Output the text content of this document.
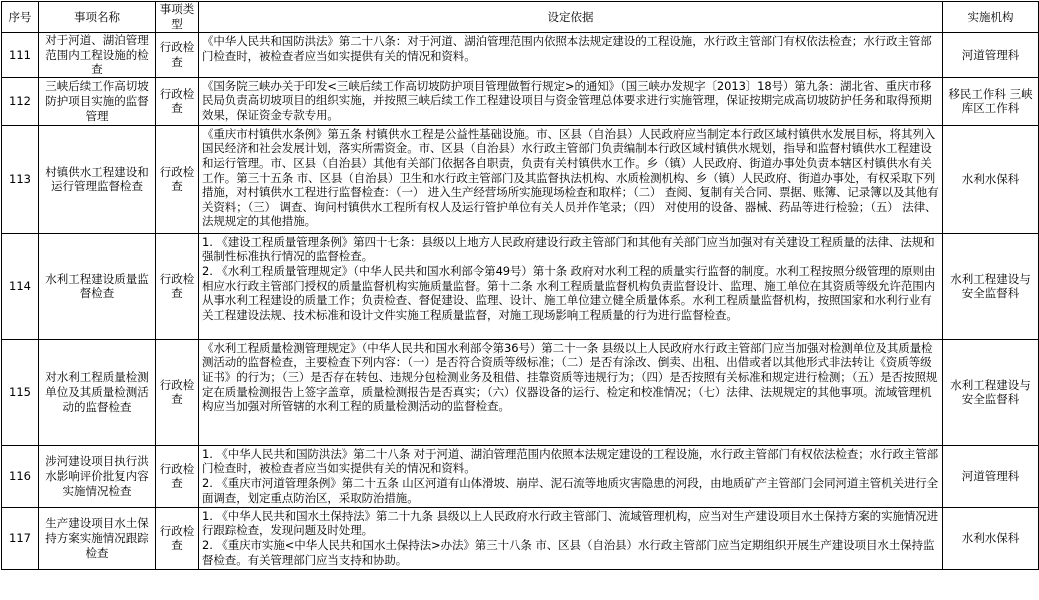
序号	事项名称	事项类型	设定依据	实施机构
111	对于河道、湖泊管理范围内工程设施的检查	行政检查	《中华人民共和国防洪法》第二十八条：对于河道、湖泊管理范围内依照本法规定建设的工程设施，水行政主管部门有权依法检查；水行政主管部门检查时，被检查者应当如实提供有关的情况和资料。	河道管理科
112	三峡后续工作高切坡防护项目实施的监督管理	行政检查	《国务院三峡办关于印发<三峡后续工作高切坡防护项目管理做暂行规定>的通知》（国三峡办发规字〔2013〕18号）第九条：湖北省、重庆市移民局负责高切坡项目的组织实施，并按照三峡后续工作工程建设项目与资金管理总体要求进行实施管理，保证按期完成高切坡防护任务和取得预期效果，保证资金专款专用。	移民工作科 三峡库区工作科
113	村镇供水工程建设和运行管理监督检查	行政检查	《重庆市村镇供水条例》第五条 村镇供水工程是公益性基础设施。市、区县（自治县）人民政府应当制定本行政区域村镇供水发展目标，将其列入国民经济和社会发展计划，落实所需资金。市、区县（自治县）水行政主管部门负责编制本行政区域村镇供水规划，指导和监督村镇供水工程建设和运行管理。市、区县（自治县）其他有关部门依据各自职责，负责有关村镇供水工作。乡（镇）人民政府、街道办事处负责本辖区村镇供水有关工作。第三十五条 市、区县（自治县）卫生和水行政主管部门及其监督执法机构、水质检测机构、乡（镇）人民政府、街道办事处，有权采取下列措施，对村镇供水工程进行监督检查：（一） 进入生产经营场所实施现场检查和取样；（二） 查阅、复制有关合同、票据、账簿、记录簿以及其他有关资料；（三） 调查、询问村镇供水工程所有权人及运行管护单位有关人员并作笔录；（四） 对使用的设备、器械、药品等进行检验；（五） 法律、法规规定的其他措施。	水利水保科
114	水利工程建设质量监督检查	行政检查	1. 《建设工程质量管理条例》第四十七条：县级以上地方人民政府建设行政主管部门和其他有关部门应当加强对有关建设工程质量的法律、法规和强制性标准执行情况的监督检查。
2. 《水利工程质量管理规定》（中华人民共和国水利部令第49号）第十条 政府对水利工程的质量实行监督的制度。水利工程按照分级管理的原则由相应水行政主管部门授权的质量监督机构实施质量监督。第十二条 水利工程质量监督机构负责监督设计、监理、施工单位在其资质等级允许范围内从事水利工程建设的质量工作；负责检查、督促建设、监理、设计、施工单位建立健全质量体系。水利工程质量监督机构，按照国家和水利行业有关工程建设法规、技术标准和设计文件实施工程质量监督，对施工现场影响工程质量的行为进行监督检查。	水利工程建设与安全监督科
115	对水利工程质量检测单位及其质量检测活动的监督检查	行政检查	《水利工程质量检测管理规定》（中华人民共和国水利部令第36号）第二十一条 县级以上人民政府水行政主管部门应当加强对检测单位及其质量检测活动的监督检查，主要检查下列内容：（一）是否符合资质等级标准；（二）是否有涂改、倒卖、出租、出借或者以其他形式非法转让《资质等级证书》的行为；（三）是否存在转包、违规分包检测业务及租借、挂靠资质等违规行为；（四）是否按照有关标准和规定进行检测；（五）是否按照规定在质量检测报告上签字盖章，质量检测报告是否真实；（六）仪器设备的运行、检定和校准情况；（七）法律、法规规定的其他事项。流域管理机构应当加强对所管辖的水利工程的质量检测活动的监督检查。	水利工程建设与安全监督科
116	涉河建设项目执行洪水影响评价批复内容实施情况检查	行政检查	1. 《中华人民共和国防洪法》第二十八条 对于河道、湖泊管理范围内依照本法规定建设的工程设施，水行政主管部门有权依法检查；水行政主管部门检查时，被检查者应当如实提供有关的情况和资料。
2. 《重庆市河道管理条例》第二十五条 山区河道有山体滑坡、崩岸、泥石流等地质灾害隐患的河段，由地质矿产主管部门会同河道主管机关进行全面调查，划定重点防治区，采取防治措施。	河道管理科
117	生产建设项目水土保持方案实施情况跟踪检查	行政检查	1. 《中华人民共和国水土保持法》第二十九条 县级以上人民政府水行政主管部门、流域管理机构，应当对生产建设项目水土保持方案的实施情况进行跟踪检查，发现问题及时处理。
2. 《重庆市实施<中华人民共和国水土保持法>办法》第三十八条 市、区县（自治县）水行政主管部门应当定期组织开展生产建设项目水土保持监督检查。有关管理部门应当支持和协助。	水利水保科
